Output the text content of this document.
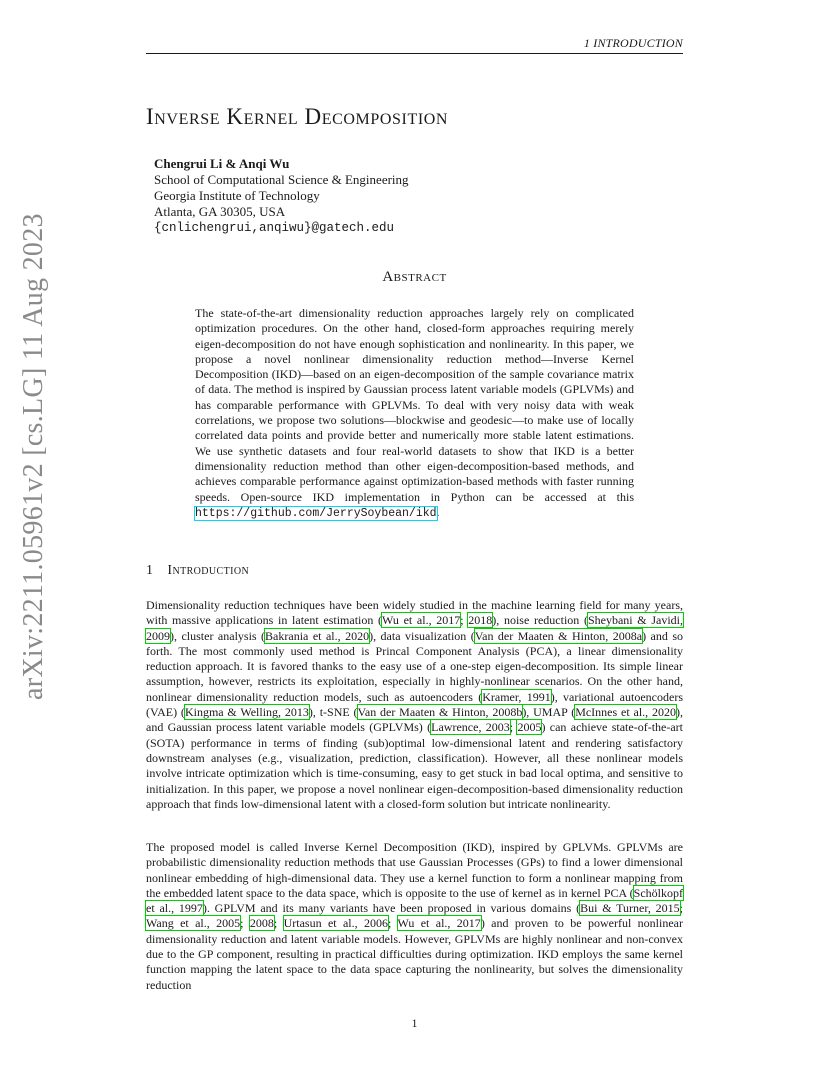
1 INTRODUCTION
arXiv:2211.05961v2 [cs.LG] 11 Aug 2023
Inverse Kernel Decomposition
Chengrui Li & Anqi Wu
School of Computational Science & Engineering
Georgia Institute of Technology
Atlanta, GA 30305, USA
{cnlichengrui,anqiwu}@gatech.edu
Abstract
The state-of-the-art dimensionality reduction approaches largely rely on complicated optimization procedures. On the other hand, closed-form approaches requiring merely eigen-decomposition do not have enough sophistication and nonlinearity. In this paper, we propose a novel nonlinear dimensionality reduction method—Inverse Kernel Decomposition (IKD)—based on an eigen-decomposition of the sample covariance matrix of data. The method is inspired by Gaussian process latent variable models (GPLVMs) and has comparable performance with GPLVMs. To deal with very noisy data with weak correlations, we propose two solutions—blockwise and geodesic—to make use of locally correlated data points and provide better and numerically more stable latent estimations. We use synthetic datasets and four real-world datasets to show that IKD is a better dimensionality reduction method than other eigen-decomposition-based methods, and achieves comparable performance against optimization-based methods with faster running speeds. Open-source IKD implementation in Python can be accessed at this https://github.com/JerrySoybean/ikd.
1 Introduction
Dimensionality reduction techniques have been widely studied in the machine learning field for many years, with massive applications in latent estimation (Wu et al., 2017; 2018), noise reduction (Sheybani & Javidi, 2009), cluster analysis (Bakrania et al., 2020), data visualization (Van der Maaten & Hinton, 2008a) and so forth. The most commonly used method is Princal Component Analysis (PCA), a linear dimensionality reduction approach. It is favored thanks to the easy use of a one-step eigen-decomposition. Its simple linear assumption, however, restricts its exploitation, especially in highly-nonlinear scenarios. On the other hand, nonlinear dimensionality reduction models, such as autoencoders (Kramer, 1991), variational autoencoders (VAE) (Kingma & Welling, 2013), t-SNE (Van der Maaten & Hinton, 2008b), UMAP (McInnes et al., 2020), and Gaussian process latent variable models (GPLVMs) (Lawrence, 2003; 2005) can achieve state-of-the-art (SOTA) performance in terms of finding (sub)optimal low-dimensional latent and rendering satisfactory downstream analyses (e.g., visualization, prediction, classification). However, all these nonlinear models involve intricate optimization which is time-consuming, easy to get stuck in bad local optima, and sensitive to initialization. In this paper, we propose a novel nonlinear eigen-decomposition-based dimensionality reduction approach that finds low-dimensional latent with a closed-form solution but intricate nonlinearity.
The proposed model is called Inverse Kernel Decomposition (IKD), inspired by GPLVMs. GPLVMs are probabilistic dimensionality reduction methods that use Gaussian Processes (GPs) to find a lower dimensional nonlinear embedding of high-dimensional data. They use a kernel function to form a nonlinear mapping from the embedded latent space to the data space, which is opposite to the use of kernel as in kernel PCA (Schölkopf et al., 1997). GPLVM and its many variants have been proposed in various domains (Bui & Turner, 2015; Wang et al., 2005; 2008; Urtasun et al., 2006; Wu et al., 2017) and proven to be powerful nonlinear dimensionality reduction and latent variable models. However, GPLVMs are highly nonlinear and non-convex due to the GP component, resulting in practical difficulties during optimization. IKD employs the same kernel function mapping the latent space to the data space capturing the nonlinearity, but solves the dimensionality reduction
1
